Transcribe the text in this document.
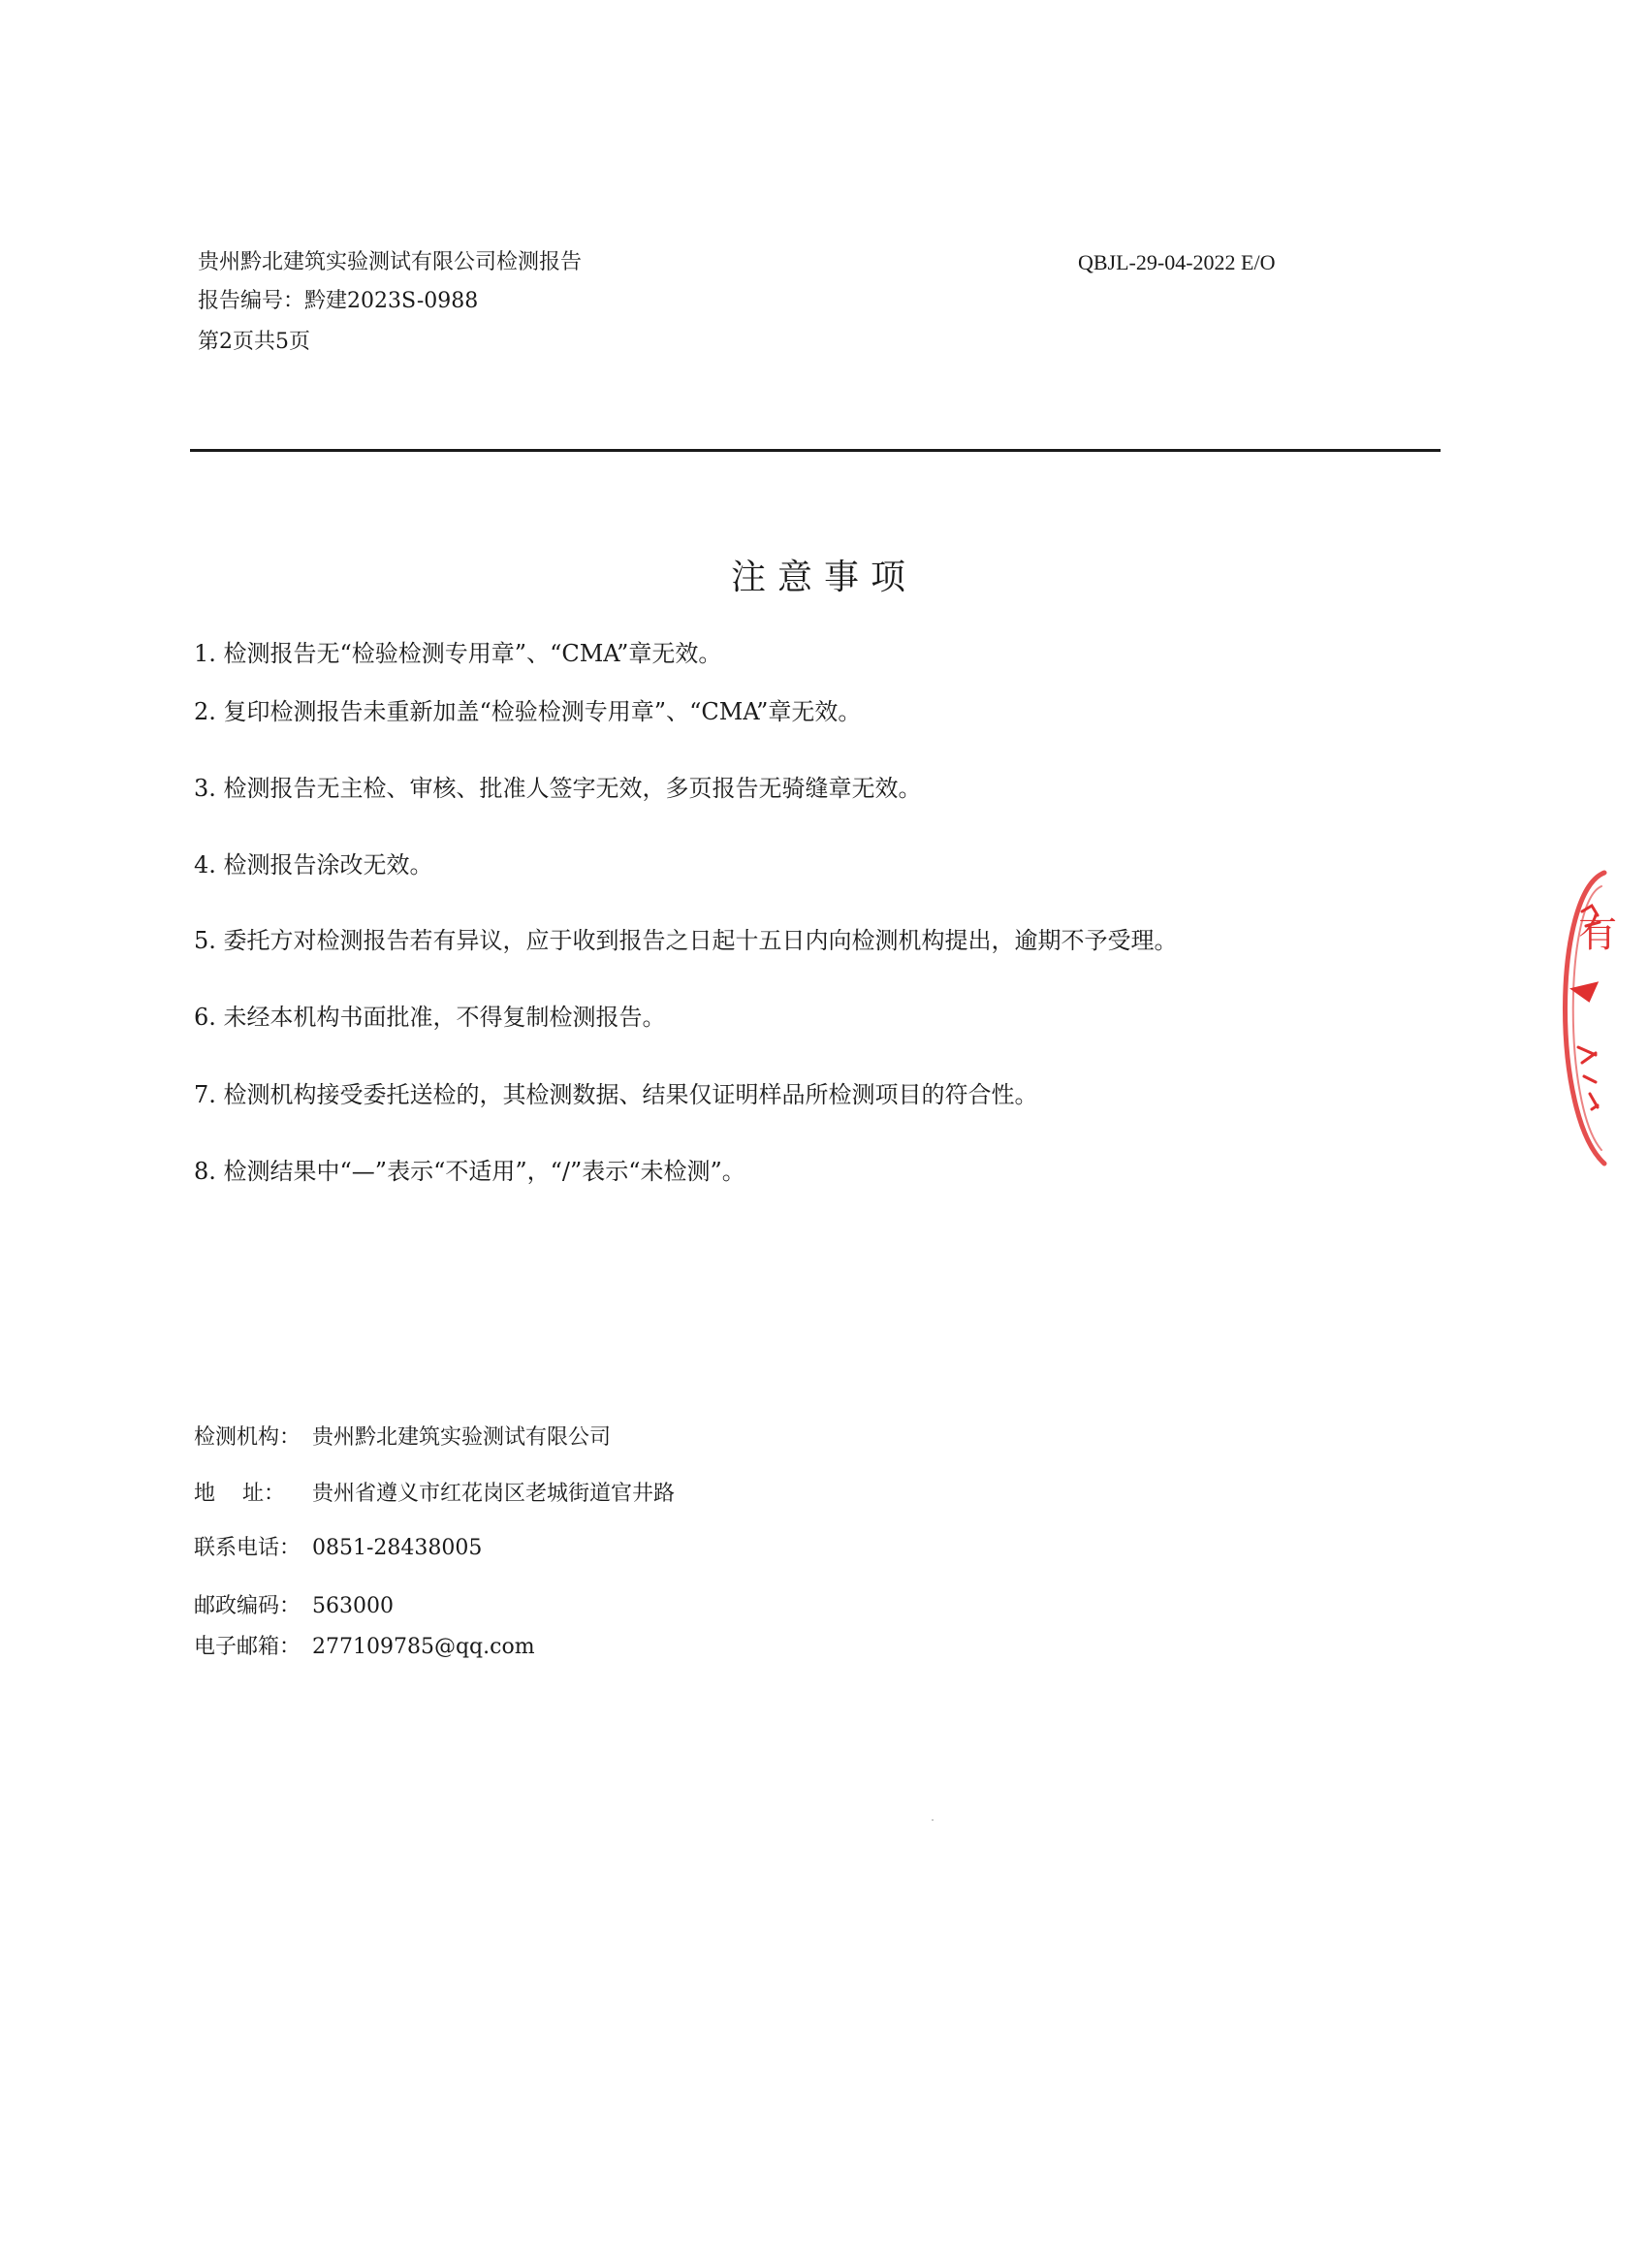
贵州黔北建筑实验测试有限公司检测报告
报告编号：黔建2023S-0988
第2页共5页
QBJL-29-04-2022 E/O
注意事项
1. 检测报告无“检验检测专用章”、“CMA”章无效。
2. 复印检测报告未重新加盖“检验检测专用章”、“CMA”章无效。
3. 检测报告无主检、审核、批准人签字无效，多页报告无骑缝章无效。
4. 检测报告涂改无效。
5. 委托方对检测报告若有异议，应于收到报告之日起十五日内向检测机构提出，逾期不予受理。
6. 未经本机构书面批准，不得复制检测报告。
7. 检测机构接受委托送检的，其检测数据、结果仅证明样品所检测项目的符合性。
8. 检测结果中“—”表示“不适用”，“/”表示“未检测”。
检测机构： 贵州黔北建筑实验测试有限公司
地    址： 贵州省遵义市红花岗区老城街道官井路
联系电话： 0851-28438005
邮政编码： 563000
电子邮箱： 277109785@qq.com
有
